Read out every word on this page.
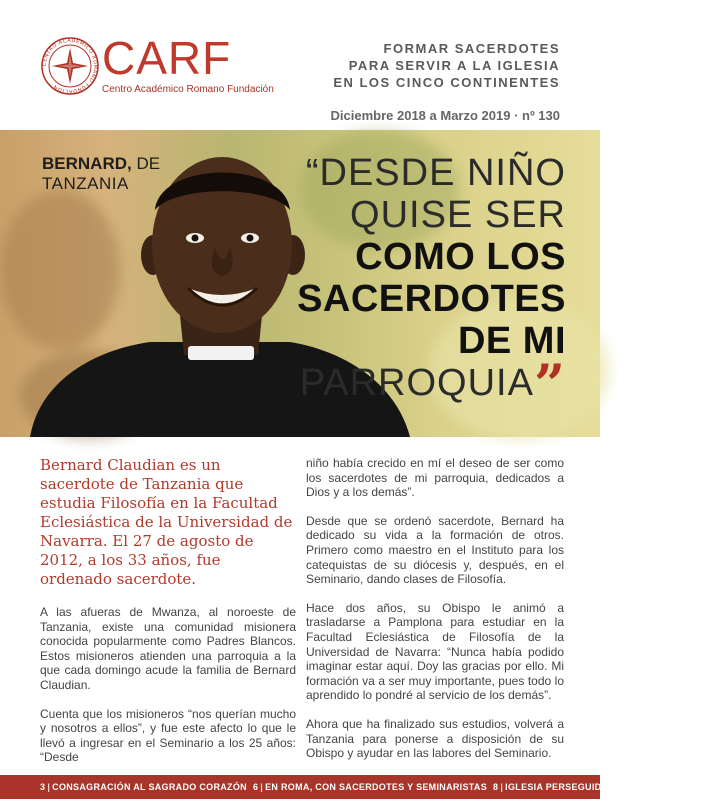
CENTRO ACADEMICO ROMANO FUNDACION
CARF
Centro Académico Romano Fundación
FORMAR SACERDOTES
PARA SERVIR A LA IGLESIA
EN LOS CINCO CONTINENTES
Diciembre 2018 a Marzo 2019 · nº 130
BERNARD, DE
TANZANIA	“DESDE NIÑO
QUISE SER
COMO LOS
SACERDOTES
DE MI
PARROQUIA”

Bernard Claudian es un sacerdote de Tanzania que estudia Filosofía en la Facultad Eclesiástica de la Universidad de Navarra. El 27 de agosto de 2012, a los 33 años, fue ordenado sacerdote.

A las afueras de Mwanza, al noroeste de Tanzania, existe una comunidad misionera conocida popularmente como Padres Blancos. Estos misioneros atienden una parroquia a la que cada domingo acude la familia de Bernard Claudian.

Cuenta que los misioneros “nos querían mucho y nosotros a ellos”, y fue este afecto lo que le llevó a ingresar en el Seminario a los 25 años: “Desde

niño había crecido en mí el deseo de ser como los sacerdotes de mi parroquia, dedicados a Dios y a los demás”.

Desde que se ordenó sacerdote, Bernard ha dedicado su vida a la formación de otros. Primero como maestro en el Instituto para los catequistas de su diócesis y, después, en el Seminario, dando clases de Filosofía.

Hace dos años, su Obispo le animó a trasladarse a Pamplona para estudiar en la Facultad Eclesiástica de Filosofía de la Universidad de Navarra: “Nunca había podido imaginar estar aquí. Doy las gracias por ello. Mi formación va a ser muy importante, pues todo lo aprendido lo pondré al servicio de los demás”.

Ahora que ha finalizado sus estudios, volverá a Tanzania para ponerse a disposición de su Obispo y ayudar en las labores del Seminario.

3 | CONSAGRACIÓN AL SAGRADO CORAZÓN 6 | EN ROMA, CON SACERDOTES Y SEMINARISTAS 8 | IGLESIA PERSEGUIDA 12 | TIERRA SANTA
